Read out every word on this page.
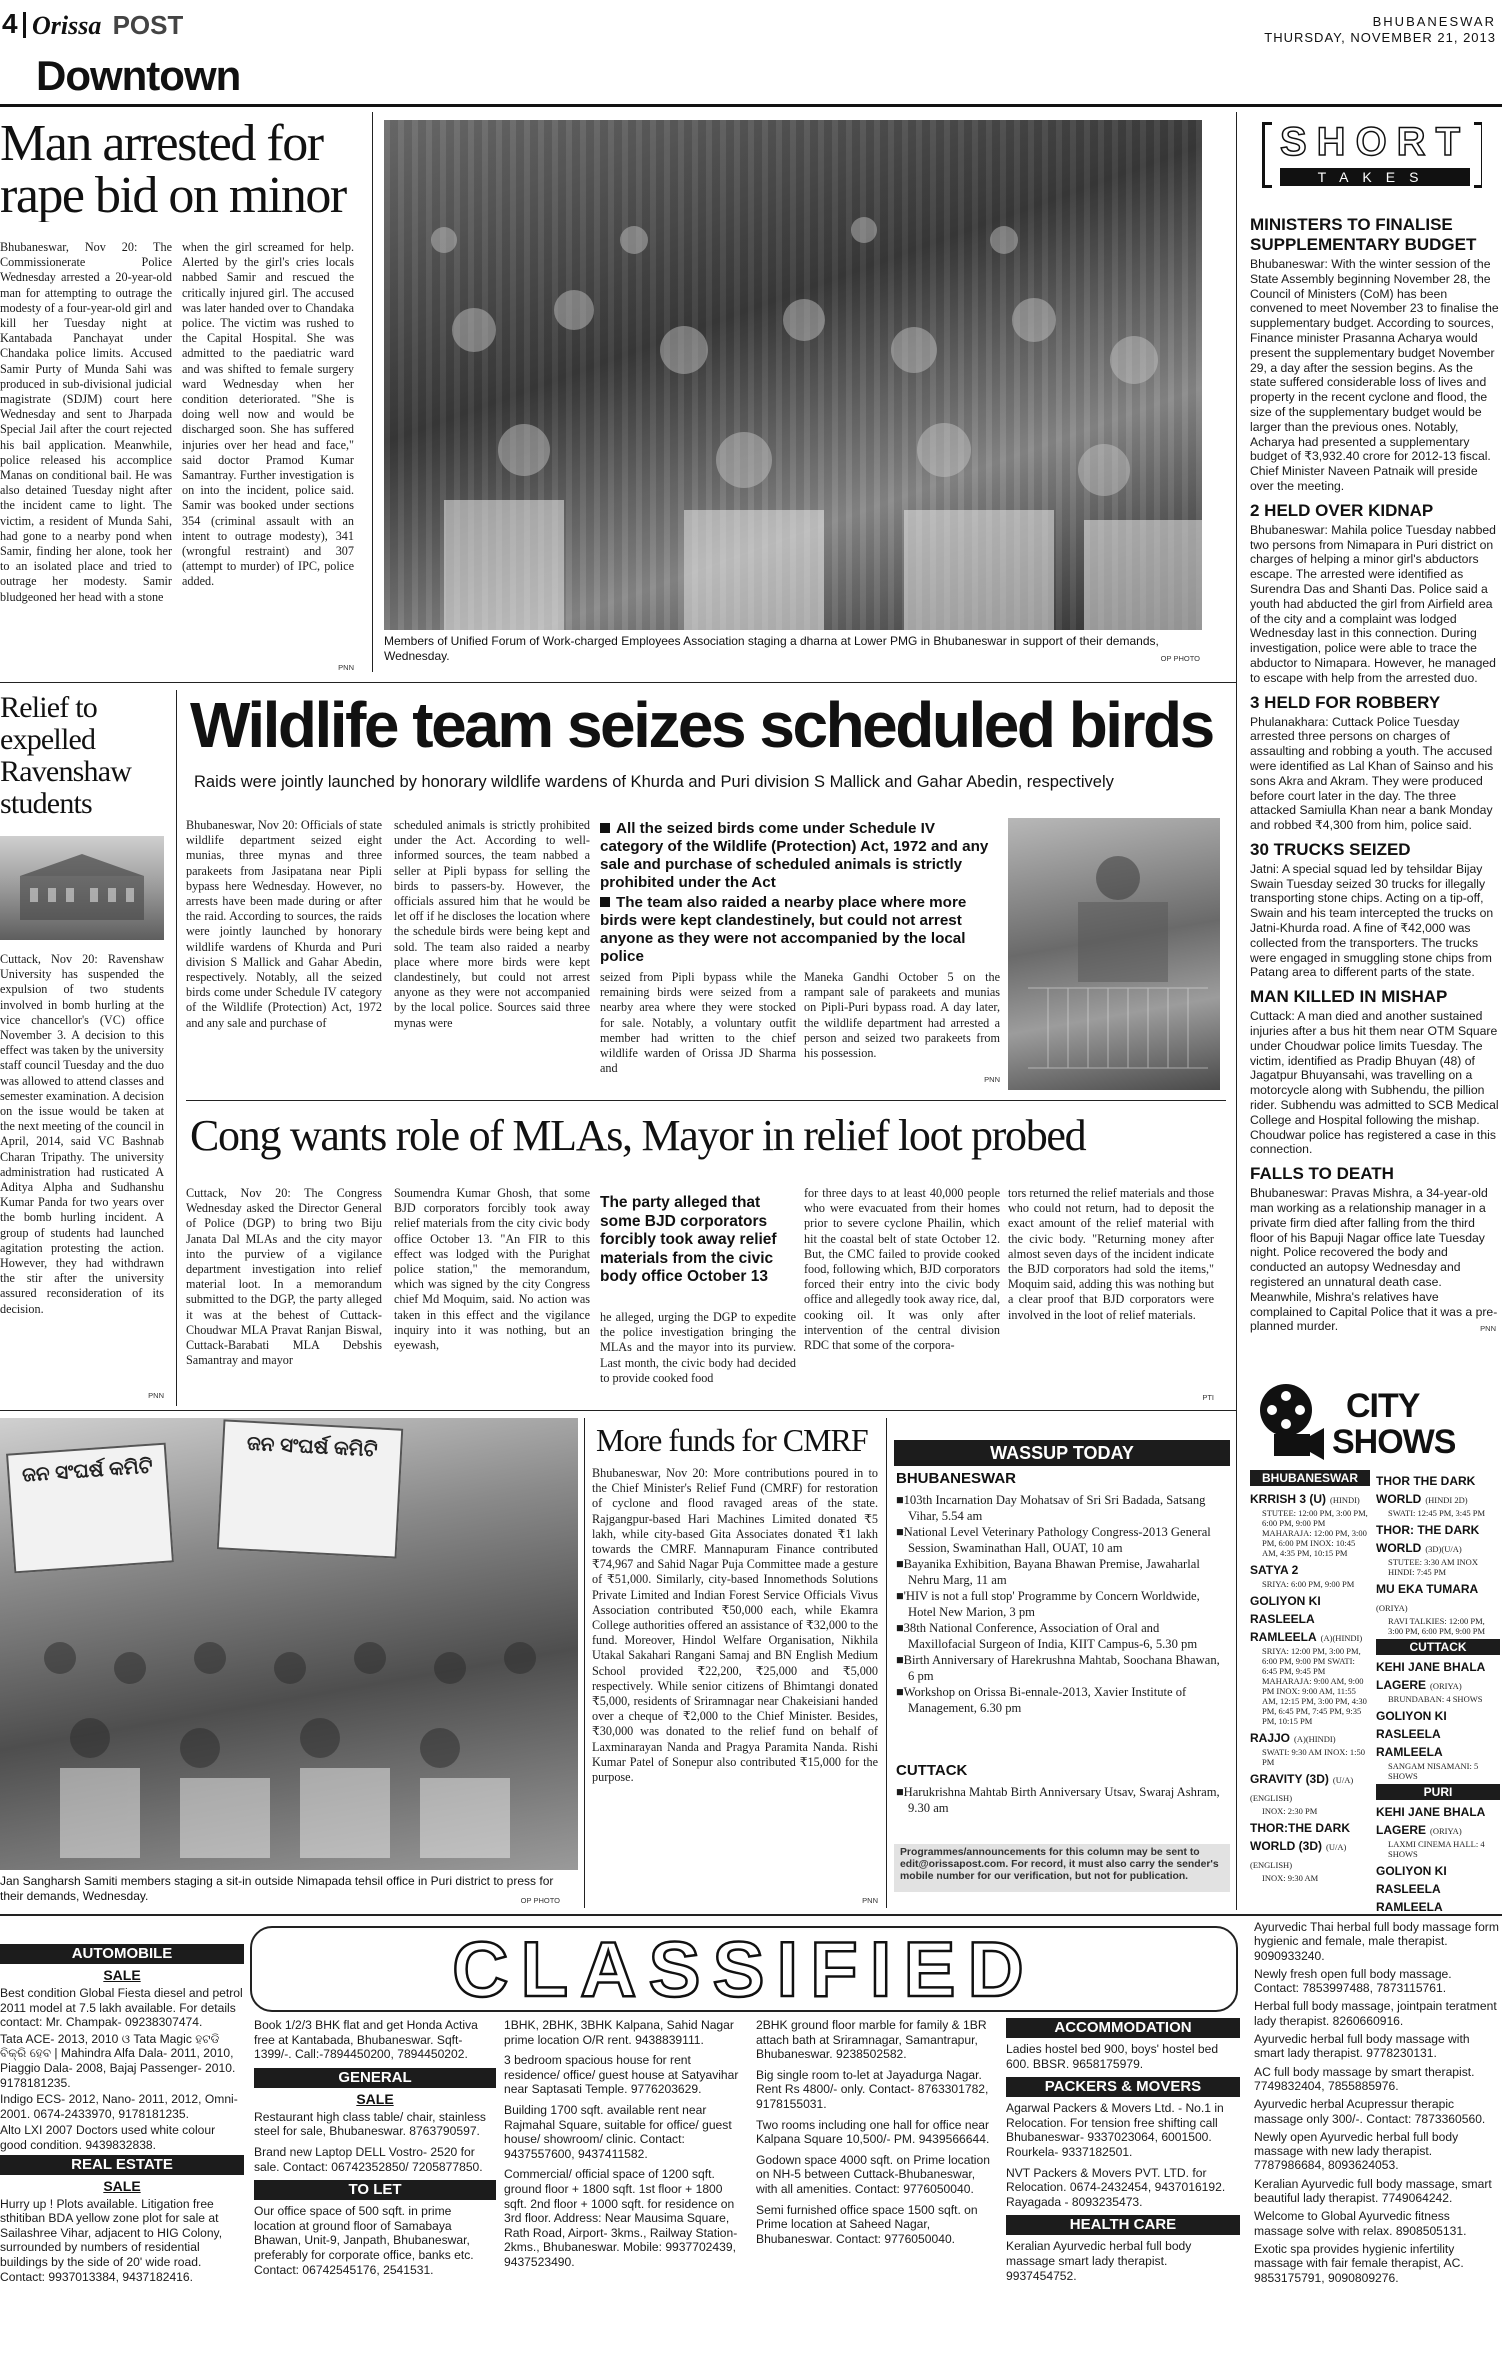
4 Orissa POST
Downtown
BHUBANESWAR
THURSDAY, NOVEMBER 21, 2013
Man arrested for
rape bid on minor
Bhubaneswar, Nov 20: The Commissionerate Police Wednesday arrested a 20-year-old man for attempting to outrage the modesty of a four-year-old girl and kill her Tuesday night at Kantabada Panchayat under Chandaka police limits. Accused Samir Purty of Munda Sahi was produced in sub-divisional judicial magistrate (SDJM) court here Wednesday and sent to Jharpada Special Jail after the court rejected his bail application. Meanwhile, police released his accomplice Manas on conditional bail. He was also detained Tuesday night after the incident came to light. The victim, a resident of Munda Sahi, had gone to a nearby pond when Samir, finding her alone, took her to an isolated place and tried to outrage her modesty. Samir bludgeoned her head with a stone
when the girl screamed for help. Alerted by the girl's cries locals nabbed Samir and rescued the critically injured girl. The accused was later handed over to Chandaka police. The victim was rushed to the Capital Hospital. She was admitted to the paediatric ward and was shifted to female surgery ward Wednesday when her condition deteriorated. "She is doing well now and would be discharged soon. She has suffered injuries over her head and face," said doctor Pramod Kumar Samantray. Further investigation is on into the incident, police said. Samir was booked under sections 354 (criminal assault with an intent to outrage modesty), 341 (wrongful restraint) and 307 (attempt to murder) of IPC, police added.
PNN
Members of Unified Forum of Work-charged Employees Association staging a dharna at Lower PMG in Bhubaneswar in support of their demands, Wednesday.	OP PHOTO
SHORT
TAKES
MINISTERS TO FINALISE SUPPLEMENTARY BUDGET
Bhubaneswar: With the winter session of the State Assembly beginning November 28, the Council of Ministers (CoM) has been convened to meet November 23 to finalise the supplementary budget. According to sources, Finance minister Prasanna Acharya would present the supplementary budget November 29, a day after the session begins. As the state suffered considerable loss of lives and property in the recent cyclone and flood, the size of the supplementary budget would be larger than the previous ones. Notably, Acharya had presented a supplementary budget of ₹3,932.40 crore for 2012-13 fiscal. Chief Minister Naveen Patnaik will preside over the meeting.
2 HELD OVER KIDNAP
Bhubaneswar: Mahila police Tuesday nabbed two persons from Nimapara in Puri district on charges of helping a minor girl's abductors escape. The arrested were identified as Surendra Das and Shanti Das. Police said a youth had abducted the girl from Airfield area of the city and a complaint was lodged Wednesday last in this connection. During investigation, police were able to trace the abductor to Nimapara. However, he managed to escape with help from the arrested duo.
3 HELD FOR ROBBERY
Phulanakhara: Cuttack Police Tuesday arrested three persons on charges of assaulting and robbing a youth. The accused were identified as Lal Khan of Sainso and his sons Akra and Akram. They were produced before court later in the day. The three attacked Samiulla Khan near a bank Monday and robbed ₹4,300 from him, police said.
30 TRUCKS SEIZED
Jatni: A special squad led by tehsildar Bijay Swain Tuesday seized 30 trucks for illegally transporting stone chips. Acting on a tip-off, Swain and his team intercepted the trucks on Jatni-Khurda road. A fine of ₹42,000 was collected from the transporters. The trucks were engaged in smuggling stone chips from Patang area to different parts of the state.
MAN KILLED IN MISHAP
Cuttack: A man died and another sustained injuries after a bus hit them near OTM Square under Choudwar police limits Tuesday. The victim, identified as Pradip Bhuyan (48) of Jagatpur Bhuyansahi, was travelling on a motorcycle along with Subhendu, the pillion rider. Subhendu was admitted to SCB Medical College and Hospital following the mishap. Choudwar police has registered a case in this connection.
FALLS TO DEATH
Bhubaneswar: Pravas Mishra, a 34-year-old man working as a relationship manager in a private firm died after falling from the third floor of his Bapuji Nagar office late Tuesday night. Police recovered the body and conducted an autopsy Wednesday and registered an unnatural death case. Meanwhile, Mishra's relatives have complained to Capital Police that it was a pre-planned murder.	PNN
Relief to expelled Ravenshaw students
Cuttack, Nov 20: Ravenshaw University has suspended the expulsion of two students involved in bomb hurling at the vice chancellor's (VC) office November 3. A decision to this effect was taken by the university staff council Tuesday and the duo was allowed to attend classes and semester examination. A decision on the issue would be taken at the next meeting of the council in April, 2014, said VC Bashnab Charan Tripathy. The university administration had rusticated A Aditya Alpha and Sudhanshu Kumar Panda for two years over the bomb hurling incident. A group of students had launched agitation protesting the action. However, they had withdrawn the stir after the university assured reconsideration of its decision.
PNN
Wildlife team seizes scheduled birds
Raids were jointly launched by honorary wildlife wardens of Khurda and Puri division S Mallick and Gahar Abedin, respectively
Bhubaneswar, Nov 20: Officials of state wildlife department seized eight munias, three mynas and three parakeets from Jasipatana near Pipli bypass here Wednesday. However, no arrests have been made during or after the raid. According to sources, the raids were jointly launched by honorary wildlife wardens of Khurda and Puri division S Mallick and Gahar Abedin, respectively. Notably, all the seized birds come under Schedule IV category of the Wildlife (Protection) Act, 1972 and any sale and purchase of
scheduled animals is strictly prohibited under the Act. According to well-informed sources, the team nabbed a seller at Pipli bypass for selling the birds to passers-by. However, the officials assured him that he would be let off if he discloses the location where the schedule birds were being kept and sold. The team also raided a nearby place where more birds were kept clandestinely, but could not arrest anyone as they were not accompanied by the local police. Sources said three mynas were
All the seized birds come under Schedule IV category of the Wildlife (Protection) Act, 1972 and any sale and purchase of scheduled animals is strictly prohibited under the Act
The team also raided a nearby place where more birds were kept clandestinely, but could not arrest anyone as they were not accompanied by the local police
seized from Pipli bypass while the remaining birds were seized from a nearby area where they were stocked for sale. Notably, a voluntary outfit member had written to the chief wildlife warden of Orissa JD Sharma and
Maneka Gandhi October 5 on the rampant sale of parakeets and munias on Pipli-Puri bypass road. A day later, the wildlife department had arrested a person and seized two parakeets from his possession.
PNN
Cong wants role of MLAs, Mayor in relief loot probed
Cuttack, Nov 20: The Congress Wednesday asked the Director General of Police (DGP) to bring two Biju Janata Dal MLAs and the city mayor into the purview of a vigilance department investigation into relief material loot. In a memorandum submitted to the DGP, the party alleged it was at the behest of Cuttack-Choudwar MLA Pravat Ranjan Biswal, Cuttack-Barabati MLA Debshis Samantray and mayor
Soumendra Kumar Ghosh, that some BJD corporators forcibly took away relief materials from the city civic body office October 13. "An FIR to this effect was lodged with the Purighat police station," the memorandum, which was signed by the city Congress chief Md Moquim, said. No action was taken in this effect and the vigilance inquiry into it was nothing, but an eyewash,
The party alleged that some BJD corporators forcibly took away relief materials from the civic body office October 13
he alleged, urging the DGP to expedite the police investigation bringing the MLAs and the mayor into its purview. Last month, the civic body had decided to provide cooked food
for three days to at least 40,000 people who were evacuated from their homes prior to severe cyclone Phailin, which hit the coastal belt of state October 12. But, the CMC failed to provide cooked food, following which, BJD corporators forced their entry into the civic body office and allegedly took away rice, dal, cooking oil. It was only after intervention of the central division RDC that some of the corpora-
tors returned the relief materials and those who could not return, had to deposit the exact amount of the relief material with the civic body. "Returning money after almost seven days of the incident indicate the BJD corporators had sold the items," Moquim said, adding this was nothing but a clear proof that BJD corporators were involved in the loot of relief materials.
PTI
ଜନ ସଂଘର୍ଷ କମିଟି
ଜନ ସଂଘର୍ଷ କମିଟି
Jan Sangharsh Samiti members staging a sit-in outside Nimapada tehsil office in Puri district to press for their demands, Wednesday.	OP PHOTO
More funds for CMRF
Bhubaneswar, Nov 20: More contributions poured in to the Chief Minister's Relief Fund (CMRF) for restoration of cyclone and flood ravaged areas of the state. Rajgangpur-based Hari Machines Limited donated ₹5 lakh, while city-based Gita Associates donated ₹1 lakh towards the CMRF. Mannapuram Finance contributed ₹74,967 and Sahid Nagar Puja Committee made a gesture of ₹51,000. Similarly, city-based Innomethods Solutions Private Limited and Indian Forest Service Officials Vivus Association contributed ₹50,000 each, while Ekamra College authorities offered an assistance of ₹32,000 to the fund. Moreover, Hindol Welfare Organisation, Nikhila Utakal Sakahari Rangani Samaj and BN English Medium School provided ₹22,200, ₹25,000 and ₹5,000 respectively. While senior citizens of Bhimtangi donated ₹5,000, residents of Sriramnagar near Chakeisiani handed over a cheque of ₹2,000 to the Chief Minister. Besides, ₹30,000 was donated to the relief fund on behalf of Laxminarayan Nanda and Pragya Paramita Nanda. Rishi Kumar Patel of Sonepur also contributed ₹15,000 for the purpose.
PNN
WASSUP TODAY
BHUBANESWAR
■103th Incarnation Day Mohatsav of Sri Sri Badada, Satsang Vihar, 5.54 am
■National Level Veterinary Pathology Congress-2013 General Session, Swaminathan Hall, OUAT, 10 am
■Bayanika Exhibition, Bayana Bhawan Premise, Jawaharlal Nehru Marg, 11 am
■'HIV is not a full stop' Programme by Concern Worldwide, Hotel New Marion, 3 pm
■38th National Conference, Association of Oral and Maxillofacial Surgeon of India, KIIT Campus-6, 5.30 pm
■Birth Anniversary of Harekrushna Mahtab, Soochana Bhawan, 6 pm
■Workshop on Orissa Bi-ennale-2013, Xavier Institute of Management, 6.30 pm
CUTTACK
■Harukrishna Mahtab Birth Anniversary Utsav, Swaraj Ashram, 9.30 am
Programmes/announcements for this column may be sent to edit@orissapost.com. For record, it must also carry the sender's mobile number for our verification, but not for publication.
CITY
SHOWS
BHUBANESWAR
KRRISH 3 (U) (HINDI)
STUTEE: 12:00 PM, 3:00 PM, 6:00 PM, 9:00 PM MAHARAJA: 12:00 PM, 3:00 PM, 6:00 PM INOX: 10:45 AM, 4:35 PM, 10:15 PM
SATYA 2
SRIYA: 6:00 PM, 9:00 PM
GOLIYON KI RASLEELA RAMLEELA (A)(HINDI)
SRIYA: 12:00 PM, 3:00 PM, 6:00 PM, 9:00 PM SWATI: 6:45 PM, 9:45 PM MAHARAJA: 9:00 AM, 9:00 PM INOX: 9:00 AM, 11:55 AM, 12:15 PM, 3:00 PM, 4:30 PM, 6:45 PM, 7:45 PM, 9:35 PM, 10:15 PM
RAJJO (A)(HINDI)
SWATI: 9:30 AM INOX: 1:50 PM
GRAVITY (3D) (U/A)(ENGLISH)
INOX: 2:30 PM
THOR:THE DARK WORLD (3D) (U/A)(ENGLISH)
INOX: 9:30 AM
THOR THE DARK WORLD (HINDI 2D)
SWATI: 12:45 PM, 3:45 PM
THOR: THE DARK WORLD (3D)(U/A)
STUTEE: 3:30 AM INOX HINDI: 7:45 PM
MU EKA TUMARA (ORIYA)
RAVI TALKIES: 12:00 PM, 3:00 PM, 6:00 PM, 9:00 PM
CUTTACK
KEHI JANE BHALA LAGERE (ORIYA)
BRUNDABAN: 4 SHOWS
GOLIYON KI RASLEELA RAMLEELA
SANGAM NISAMANI: 5 SHOWS
PURI
KEHI JANE BHALA LAGERE (ORIYA)
LAXMI CINEMA HALL: 4 SHOWS
GOLIYON KI RASLEELA RAMLEELA
AUTOMOBILE
SALE

Best condition Global Fiesta diesel and petrol 2011 model at 7.5 lakh available. For details contact: Mr. Champak- 09238307474.

Tata ACE- 2013, 2010 ଓ Tata Magic ହଟଡି ବିକ୍ରି ହେବ | Mahindra Alfa Dala- 2011, 2010, Piaggio Dala- 2008, Bajaj Passenger- 2010. 9178181235.

Indigo ECS- 2012, Nano- 2011, 2012, Omni- 2001. 0674-2433970, 9178181235.

Alto LXI 2007 Doctors used white colour good condition. 9439832838.

REAL ESTATE
SALE

Hurry up ! Plots available. Litigation free sthitiban BDA yellow zone plot for sale at Sailashree Vihar, adjacent to HIG Colony, surrounded by numbers of residential buildings by the side of 20' wide road. Contact: 9937013384, 9437182416.

CLASSIFIED

Book 1/2/3 BHK flat and get Honda Activa free at Kantabada, Bhubaneswar. Sqft- 1399/-. Call:-7894450200, 7894450202.

GENERAL
SALE

Restaurant high class table/ chair, stainless steel for sale, Bhubaneswar. 8763790597.

Brand new Laptop DELL Vostro- 2520 for sale. Contact: 06742352850/ 7205877850.

TO LET

Our office space of 500 sqft. in prime location at ground floor of Samabaya Bhawan, Unit-9, Janpath, Bhubaneswar, preferably for corporate office, banks etc. Contact: 06742545176, 2541531.

1BHK, 2BHK, 3BHK Kalpana, Sahid Nagar prime location O/R rent. 9438839111.

3 bedroom spacious house for rent residence/ office/ guest house at Satyavihar near Saptasati Temple. 9776203629.

Building 1700 sqft. available rent near Rajmahal Square, suitable for office/ guest house/ showroom/ clinic. Contact: 9437557600, 9437411582.

Commercial/ official space of 1200 sqft. ground floor + 1800 sqft. 1st floor + 1800 sqft. 2nd floor + 1000 sqft. for residence on 3rd floor. Address: Near Mausima Square, Rath Road, Airport- 3kms., Railway Station- 2kms., Bhubaneswar. Mobile: 9937702439, 9437523490.

2BHK ground floor marble for family & 1BR attach bath at Sriramnagar, Samantrapur, Bhubaneswar. 9238502582.

Big single room to-let at Jayadurga Nagar. Rent Rs 4800/- only. Contact- 8763301782, 9178155031.

Two rooms including one hall for office near Kalpana Square 10,500/- PM. 9439566644.

Godown space 4000 sqft. on Prime location on NH-5 between Cuttack-Bhubaneswar, with all amenities. Contact: 9776050040.

Semi furnished office space 1500 sqft. on Prime location at Saheed Nagar, Bhubaneswar. Contact: 9776050040.

ACCOMMODATION

Ladies hostel bed 900, boys' hostel bed 600. BBSR. 9658175979.

PACKERS & MOVERS

Agarwal Packers & Movers Ltd. - No.1 in Relocation. For tension free shifting call Bhubaneswar- 9337023064, 6001500. Rourkela- 9337182501.

NVT Packers & Movers PVT. LTD. for Relocation. 0674-2432454, 9437016192. Rayagada - 8093235473.

HEALTH CARE

Keralian Ayurvedic herbal full body massage smart lady therapist. 9937454752.

Ayurvedic Thai herbal full body massage form hygienic and female, male therapist. 9090933240.

Newly fresh open full body massage. Contact: 7853997488, 7873115761.

Herbal full body massage, jointpain teratment lady therapist. 8260660916.

Ayurvedic herbal full body massage with smart lady therapist. 9778230131.

AC full body massage by smart therapist. 7749832404, 7855885976.

Ayurvedic herbal Acupressur therapic massage only 300/-. Contact: 7873360560.

Newly open Ayurvedic herbal full body massage with new lady therapist. 7787986684, 8093624053.

Keralian Ayurvedic full body massage, smart beautiful lady therapist. 7749064242.

Welcome to Global Ayurvedic fitness massage solve with relax. 8908505131.

Exotic spa provides hygienic infertility massage with fair female therapist, AC. 9853175791, 9090809276.
